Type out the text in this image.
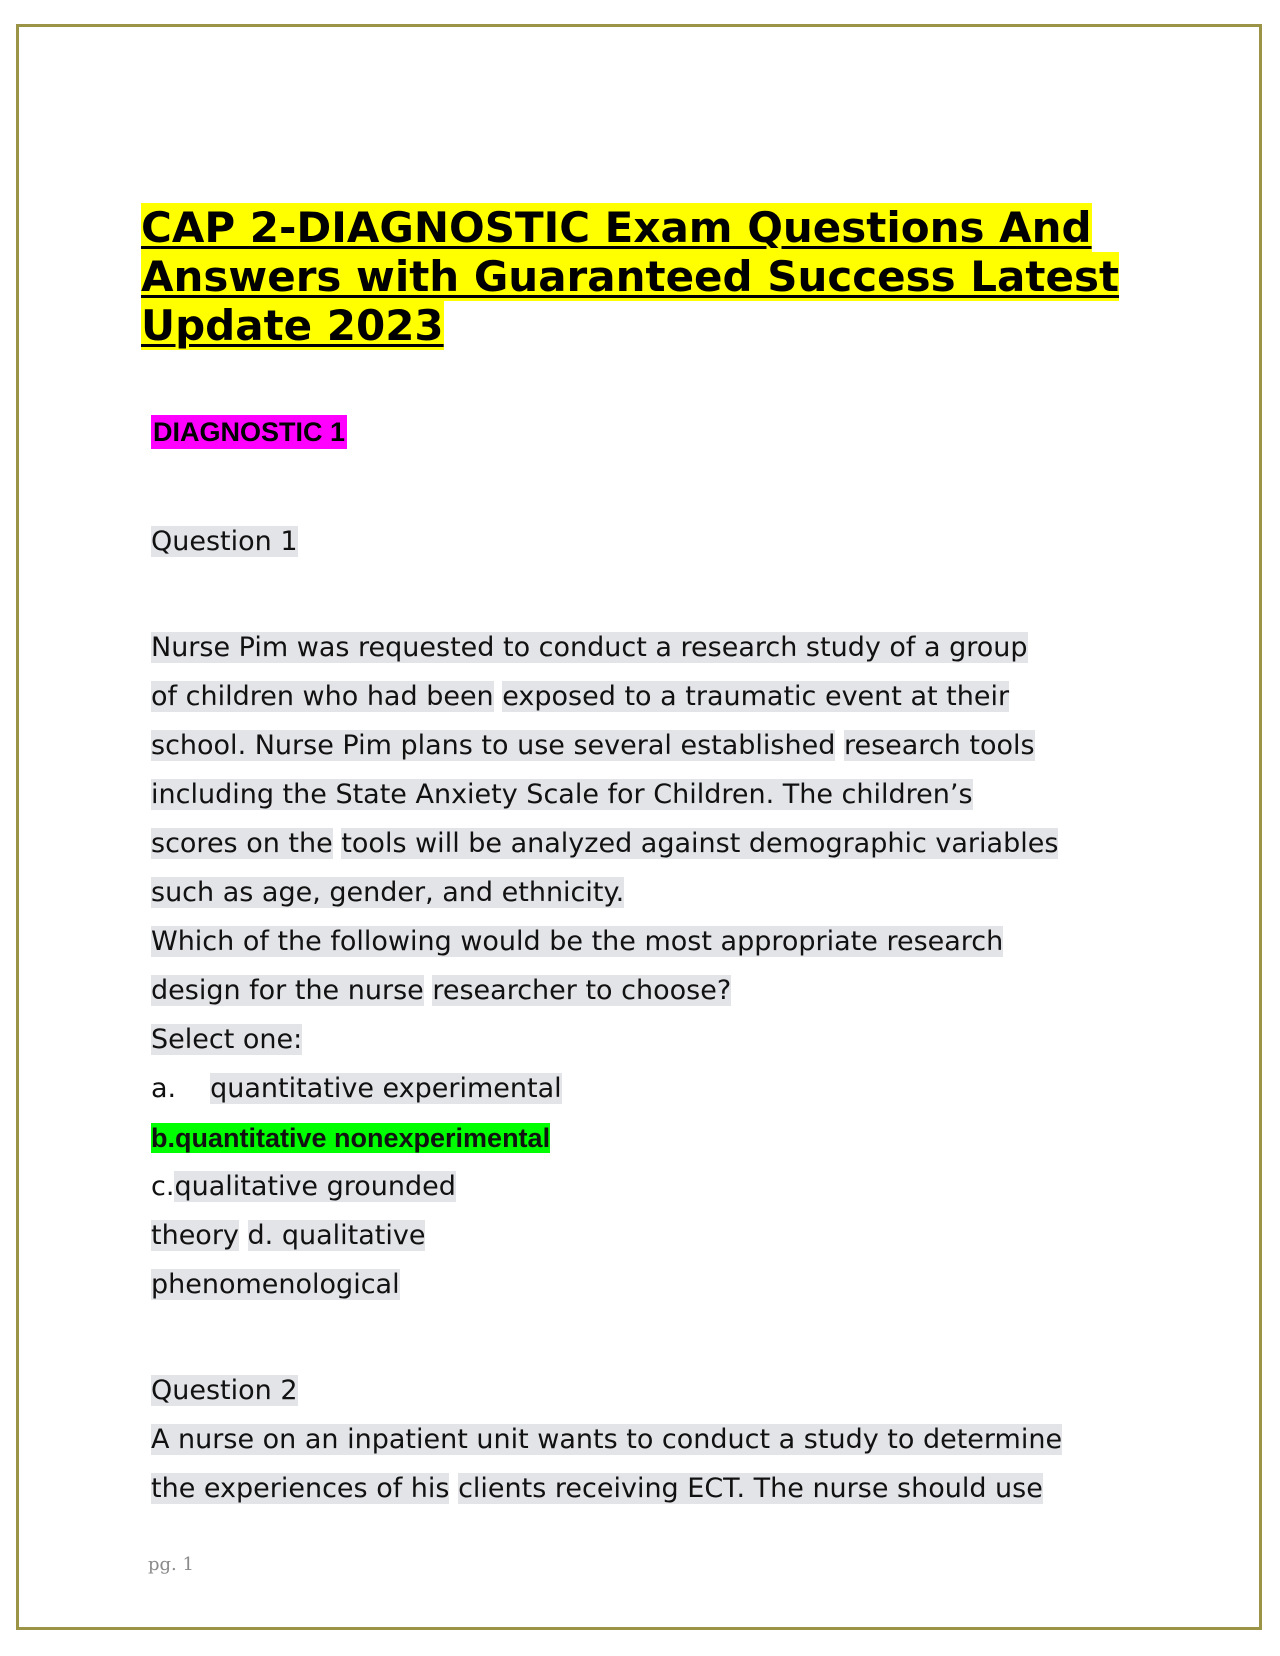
CAP 2-DIAGNOSTIC Exam Questions And
Answers with Guaranteed Success Latest
Update 2023
DIAGNOSTIC 1
Question 1
Nurse Pim was requested to conduct a research study of a group
of children who had been exposed to a traumatic event at their
school. Nurse Pim plans to use several established research tools
including the State Anxiety Scale for Children. The children’s
scores on the tools will be analyzed against demographic variables
such as age, gender, and ethnicity.
Which of the following would be the most appropriate research
design for the nurse researcher to choose?
Select one:
a. quantitative experimental
b.quantitative nonexperimental
c.qualitative grounded
theory d. qualitative
phenomenological
Question 2
A nurse on an inpatient unit wants to conduct a study to determine
the experiences of his clients receiving ECT. The nurse should use
pg. 1
